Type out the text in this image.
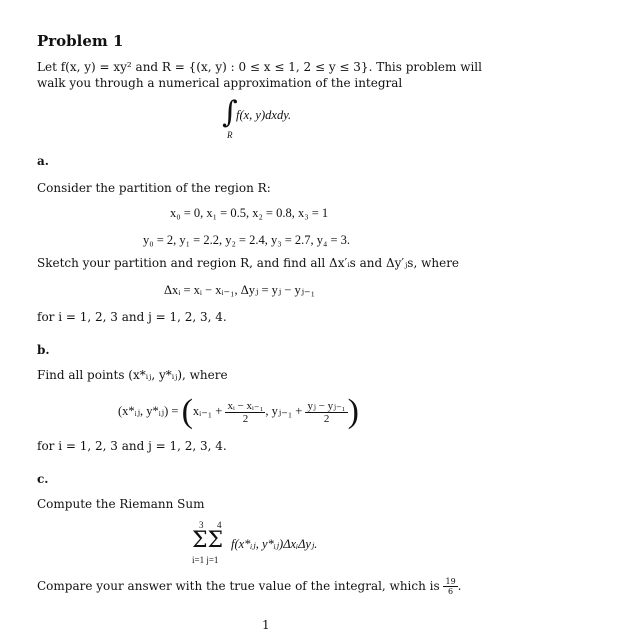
Problem 1
Let f(x, y) = xy² and R = {(x, y) : 0 ≤ x ≤ 1, 2 ≤ y ≤ 3}. This problem will
walk you through a numerical approximation of the integral
∫
f(x, y)dxdy.
R
a.
Consider the partition of the region R:
x₀ = 0, x₁ = 0.5, x₂ = 0.8, x₃ = 1
y₀ = 2, y₁ = 2.2, y₂ = 2.4, y₃ = 2.7, y₄ = 3.
Sketch your partition and region R, and find all Δx′ᵢs and Δy′ⱼs, where
Δxᵢ = xᵢ − xᵢ₋₁, Δyⱼ = yⱼ − yⱼ₋₁
for i = 1, 2, 3 and j = 1, 2, 3, 4.
b.
Find all points (x*ᵢⱼ, y*ᵢⱼ), where
(x*ᵢⱼ, y*ᵢⱼ) = (xᵢ₋₁ + $\frac{\text{xᵢ − xᵢ₋₁}}{2}$ , yⱼ₋₁ + $\frac{\text{yⱼ − yⱼ₋₁}}{2}$ )
for i = 1, 2, 3 and j = 1, 2, 3, 4.
c.
Compute the Riemann Sum
3 4
ΣΣ f(x*ᵢⱼ, y*ᵢⱼ)ΔxᵢΔyⱼ.
i=1 j=1
Compare your answer with the true value of the integral, which is $\frac{19}{6}$ .
1
